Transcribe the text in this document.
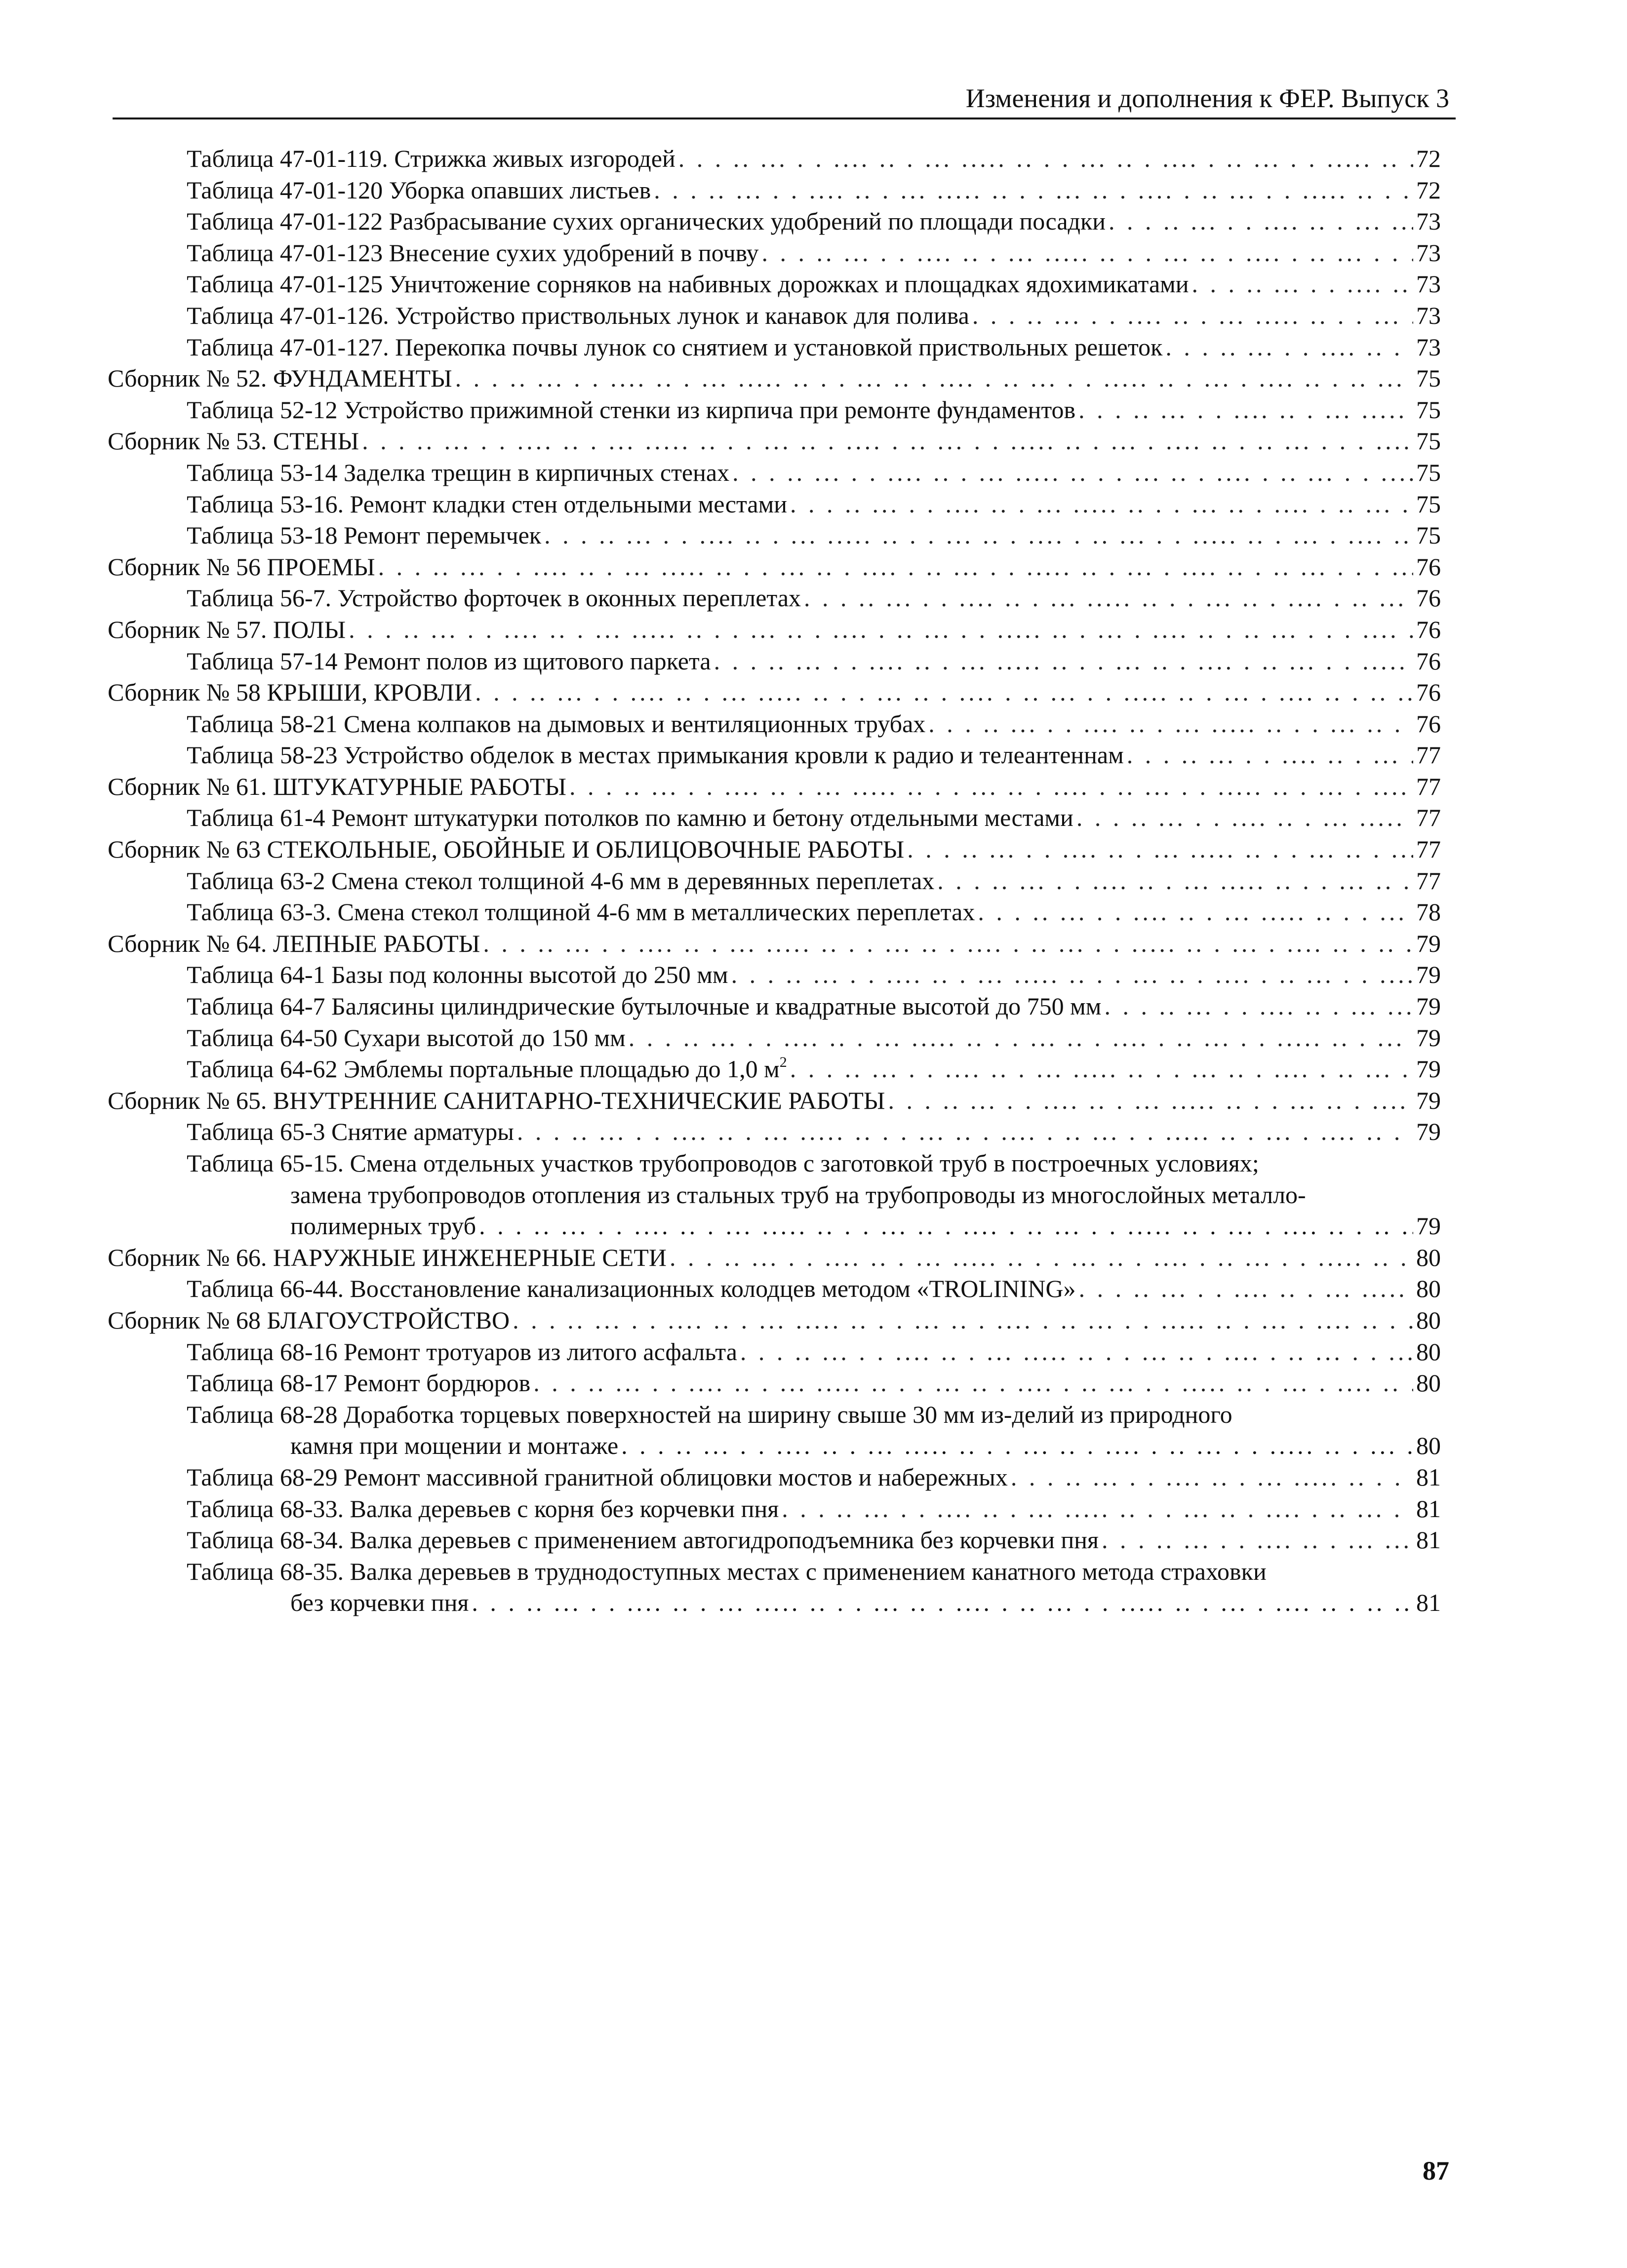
Изменения и дополнения к ФЕР. Выпуск 3
Таблица 47-01-119. Стрижка живых изгородей . . .	72
Таблица 47-01-120 Уборка опавших листьев . . .	72
Таблица 47-01-122 Разбрасывание сухих органических удобрений по площади посадки . . .	73
Таблица 47-01-123 Внесение сухих удобрений в почву . . .	73
Таблица 47-01-125 Уничтожение сорняков на набивных дорожках и площадках ядохимикатами . . .	73
Таблица 47-01-126. Устройство приствольных лунок и канавок для полива . . .	73
Таблица 47-01-127. Перекопка почвы лунок со снятием и установкой приствольных решеток . . .	73
Сборник № 52. ФУНДАМЕНТЫ . . .	75
Таблица 52-12 Устройство прижимной стенки из кирпича при ремонте фундаментов . . .	75
Сборник № 53. СТЕНЫ . . .	75
Таблица 53-14 Заделка трещин в кирпичных стенах . . .	75
Таблица 53-16. Ремонт кладки стен отдельными местами . . .	75
Таблица 53-18 Ремонт перемычек . . .	75
Сборник № 56 ПРОЕМЫ . . .	76
Таблица 56-7. Устройство форточек в оконных переплетах . . .	76
Сборник № 57. ПОЛЫ . . .	76
Таблица 57-14 Ремонт полов из щитового паркета . . .	76
Сборник № 58 КРЫШИ, КРОВЛИ . . .	76
Таблица 58-21 Смена колпаков на дымовых и вентиляционных трубах . . .	76
Таблица 58-23 Устройство обделок в местах примыкания кровли к радио и телеантеннам . . .	77
Сборник № 61. ШТУКАТУРНЫЕ РАБОТЫ . . .	77
Таблица 61-4 Ремонт штукатурки потолков по камню и бетону отдельными местами . . .	77
Сборник № 63 СТЕКОЛЬНЫЕ, ОБОЙНЫЕ И ОБЛИЦОВОЧНЫЕ РАБОТЫ . . .	77
Таблица 63-2 Смена стекол толщиной 4-6 мм в деревянных переплетах . . .	77
Таблица 63-3. Смена стекол толщиной 4-6 мм в металлических переплетах . . .	78
Сборник № 64. ЛЕПНЫЕ РАБОТЫ . . .	79
Таблица 64-1 Базы под колонны высотой до 250 мм . . .	79
Таблица 64-7 Балясины цилиндрические бутылочные и квадратные высотой до 750 мм . . .	79
Таблица 64-50 Сухари высотой до 150 мм . . .	79
Таблица 64-62 Эмблемы портальные площадью до 1,0 $м^2$ . . .	79
Сборник № 65. ВНУТРЕННИЕ САНИТАРНО-ТЕХНИЧЕСКИЕ РАБОТЫ . . .	79
Таблица 65-3 Снятие арматуры . . .	79
Таблица 65-15. Смена отдельных участков трубопроводов с заготовкой труб в построечных условиях;
замена трубопроводов отопления из стальных труб на трубопроводы из многослойных металло-
полимерных труб . . .	79
Сборник № 66. НАРУЖНЫЕ ИНЖЕНЕРНЫЕ СЕТИ . . .	80
Таблица 66-44. Восстановление канализационных колодцев методом «TROLINING» . . .	80
Сборник № 68 БЛАГОУСТРОЙСТВО . . .	80
Таблица 68-16 Ремонт тротуаров из литого асфальта . . .	80
Таблица 68-17 Ремонт бордюров . . .	80
Таблица 68-28 Доработка торцевых поверхностей на ширину свыше 30 мм из-делий из природного
камня при мощении и монтаже . . .	80
Таблица 68-29 Ремонт массивной гранитной облицовки мостов и набережных . . .	81
Таблица 68-33. Валка деревьев с корня без корчевки пня . . .	81
Таблица 68-34. Валка деревьев с применением автогидроподъемника без корчевки пня . . .	81
Таблица 68-35. Валка деревьев в труднодоступных местах с применением канатного метода страховки
без корчевки пня . . .	81
87
